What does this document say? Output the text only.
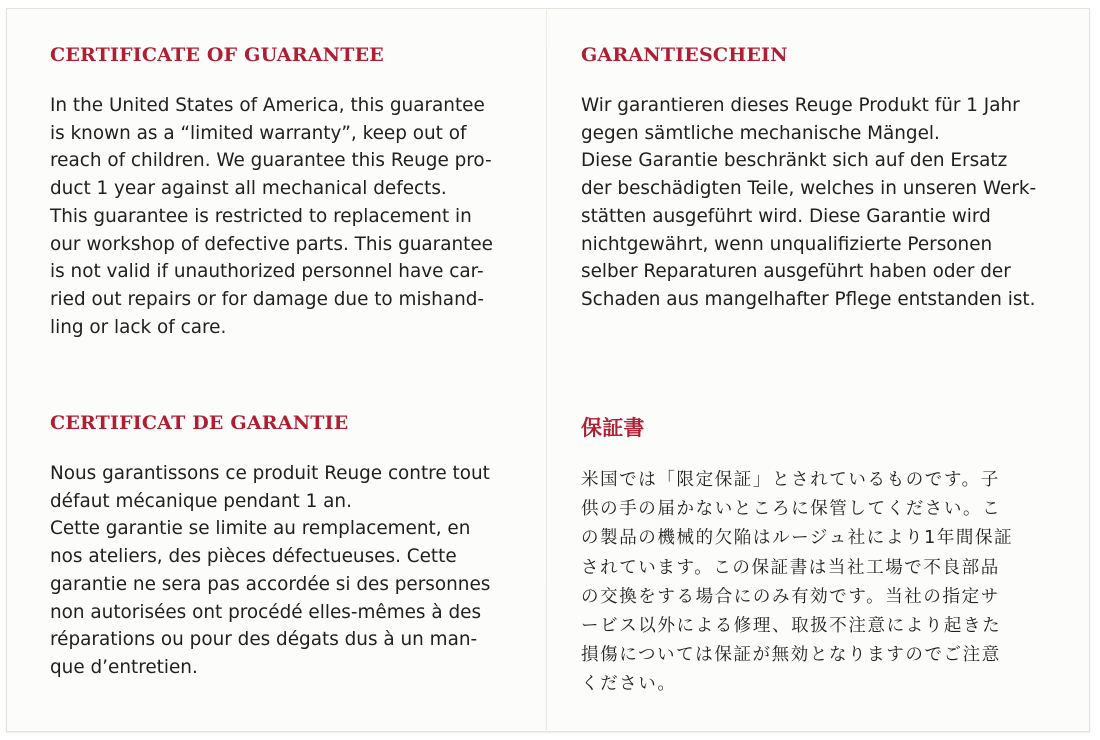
CERTIFICATE OF GUARANTEE

In the United States of America, this guarantee
is known as a “limited warranty”, keep out of
reach of children. We guarantee this Reuge pro-
duct 1 year against all mechanical defects.
This guarantee is restricted to replacement in
our workshop of defective parts. This guarantee
is not valid if unauthorized personnel have car-
ried out repairs or for damage due to mishand-
ling or lack of care.

GARANTIESCHEIN

Wir garantieren dieses Reuge Produkt für 1 Jahr
gegen sämtliche mechanische Mängel.
Diese Garantie beschränkt sich auf den Ersatz
der beschädigten Teile, welches in unseren Werk-
stätten ausgeführt wird. Diese Garantie wird
nichtgewährt, wenn unqualifizierte Personen
selber Reparaturen ausgeführt haben oder der
Schaden aus mangelhafter Pflege entstanden ist.

CERTIFICAT DE GARANTIE

Nous garantissons ce produit Reuge contre tout
défaut mécanique pendant 1 an.
Cette garantie se limite au remplacement, en
nos ateliers, des pièces défectueuses. Cette
garantie ne sera pas accordée si des personnes
non autorisées ont procédé elles-mêmes à des
réparations ou pour des dégats dus à un man-
que d’entretien.

保証書

米国では「限定保証」とされているものです。子
供の手の届かないところに保管してください。こ
の製品の機械的欠陥はルージュ社により1年間保証
されています。この保証書は当社工場で不良部品
の交換をする場合にのみ有効です。当社の指定サ
ービス以外による修理、取扱不注意により起きた
損傷については保証が無効となりますのでご注意
ください。
